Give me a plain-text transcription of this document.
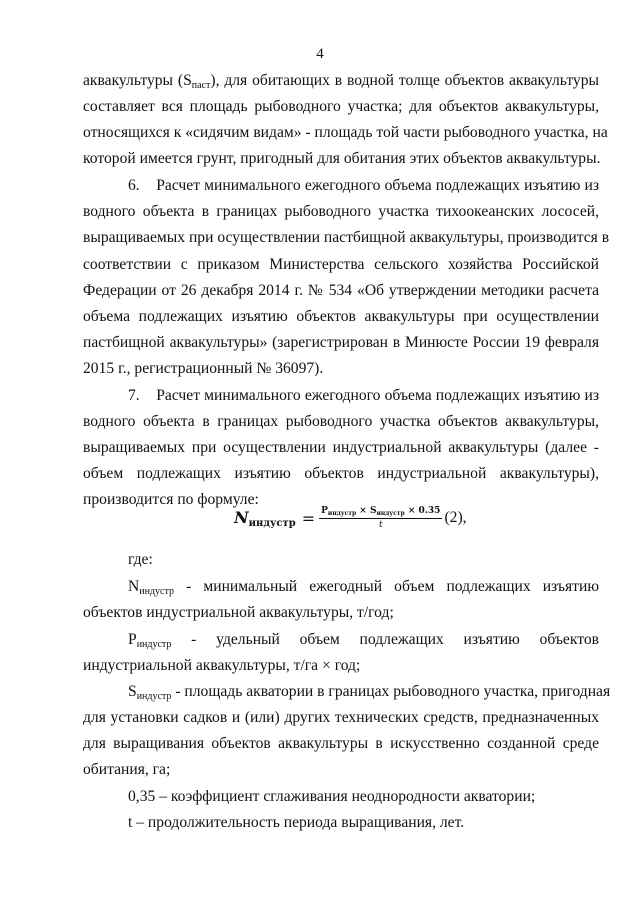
4
аквакультуры $(S_{паст})$, для обитающих в водной толще объектов аквакультуры
составляет вся площадь рыбоводного участка; для объектов аквакультуры,
относящихся к «сидячим видам» - площадь той части рыбоводного участка, на
которой имеется грунт, пригодный для обитания этих объектов аквакультуры.
6.    Расчет минимального ежегодного объема подлежащих изъятию из
водного объекта в границах рыбоводного участка тихоокеанских лососей,
выращиваемых при осуществлении пастбищной аквакультуры, производится в
соответствии с приказом Министерства сельского хозяйства Российской
Федерации от 26 декабря 2014 г. № 534 «Об утверждении методики расчета
объема подлежащих изъятию объектов аквакультуры при осуществлении
пастбищной аквакультуры» (зарегистрирован в Минюсте России 19 февраля
2015 г., регистрационный № 36097).
7.    Расчет минимального ежегодного объема подлежащих изъятию из
водного объекта в границах рыбоводного участка объектов аквакультуры,
выращиваемых при осуществлении индустриальной аквакультуры (далее -
объем подлежащих изъятию объектов индустриальной аквакультуры),
производится по формуле:
$N_{индустр} = \frac{P_{индустр} \times S_{индустр} \times 0.35}{t} (2)$,
где:
$N_{индустр}$ - минимальный ежегодный объем подлежащих изъятию
объектов индустриальной аквакультуры, т/год;
$P_{индустр}$ - удельный объем подлежащих изъятию объектов
индустриальной аквакультуры, т/га × год;
$S_{индустр}$ - площадь акватории в границах рыбоводного участка, пригодная
для установки садков и (или) других технических средств, предназначенных
для выращивания объектов аквакультуры в искусственно созданной среде
обитания, га;
0,35 – коэффициент сглаживания неоднородности акватории;
t – продолжительность периода выращивания, лет.
